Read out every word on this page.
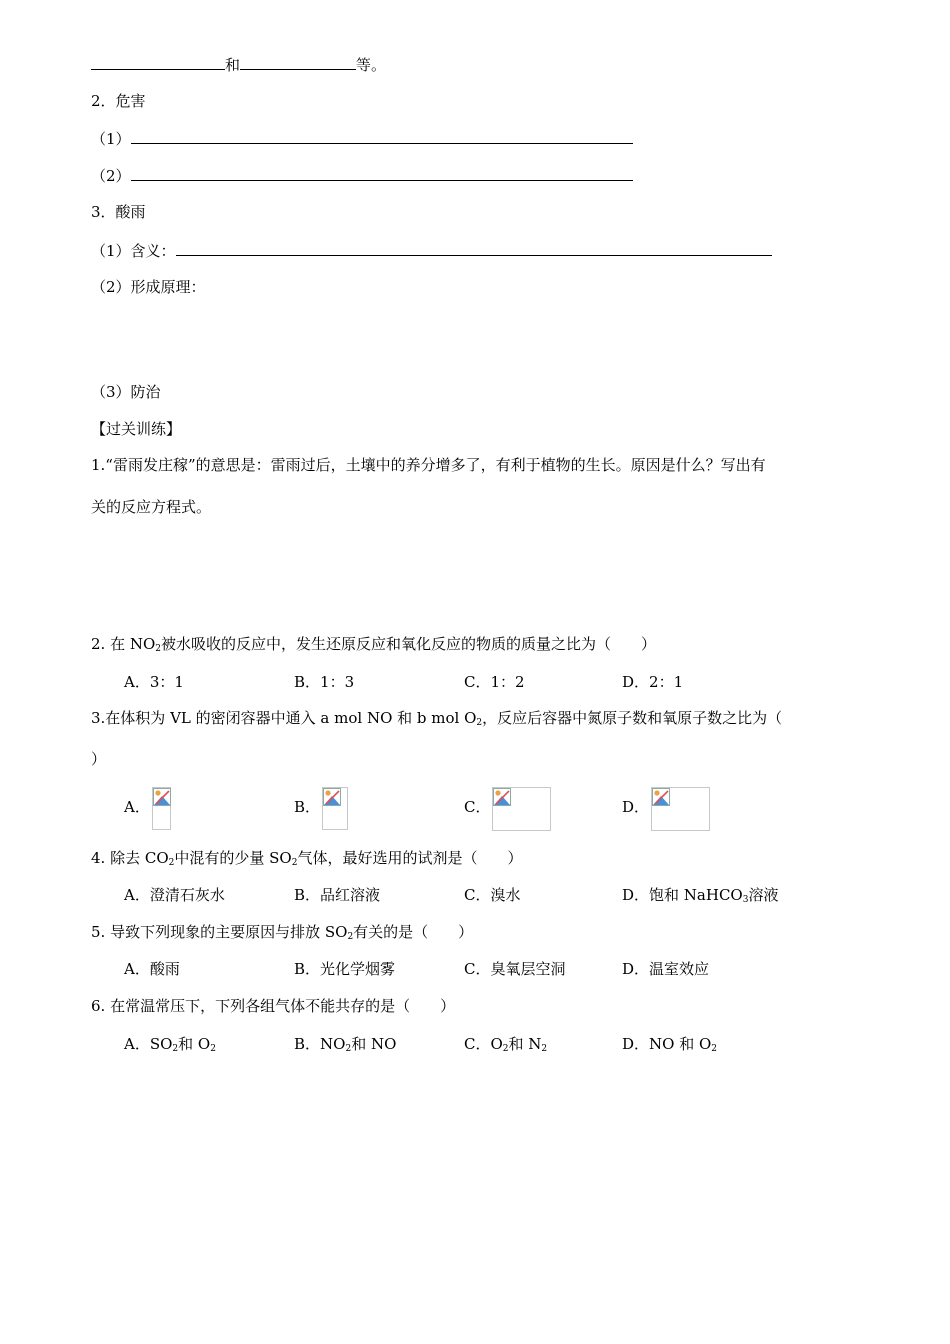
和	等。
2．危害
（1）
（2）
3．酸雨
（1）含义：
（2）形成原理：
（3）防治
【过关训练】
1.“雷雨发庄稼”的意思是：雷雨过后，土壤中的养分增多了，有利于植物的生长。原因是什么？写出有
关的反应方程式。
2. 在 $NO_2$被水吸收的反应中，发生还原反应和氧化反应的物质的质量之比为（　　）
A．3：1	B．1：3	C．1：2	D．2：1
3.在体积为 VL 的密闭容器中通入 a mol NO 和 b mol $O_2$，反应后容器中氮原子数和氧原子数之比为（
）
A．	B．	C．	D．
4. 除去 $CO_2$中混有的少量 $SO_2$气体，最好选用的试剂是（　　）
A．澄清石灰水	B．品红溶液	C．溴水	D．饱和 NaHCO$_3$溶液
5. 导致下列现象的主要原因与排放 $SO_2$有关的是（　　）
A．酸雨	B．光化学烟雾	C．臭氧层空洞	D．温室效应
6. 在常温常压下，下列各组气体不能共存的是（　　）
A．$SO_2$和 $O_2$	B．$NO_2$和 NO	C．$O_2$和 $N_2$	D．NO 和 $O_2$
